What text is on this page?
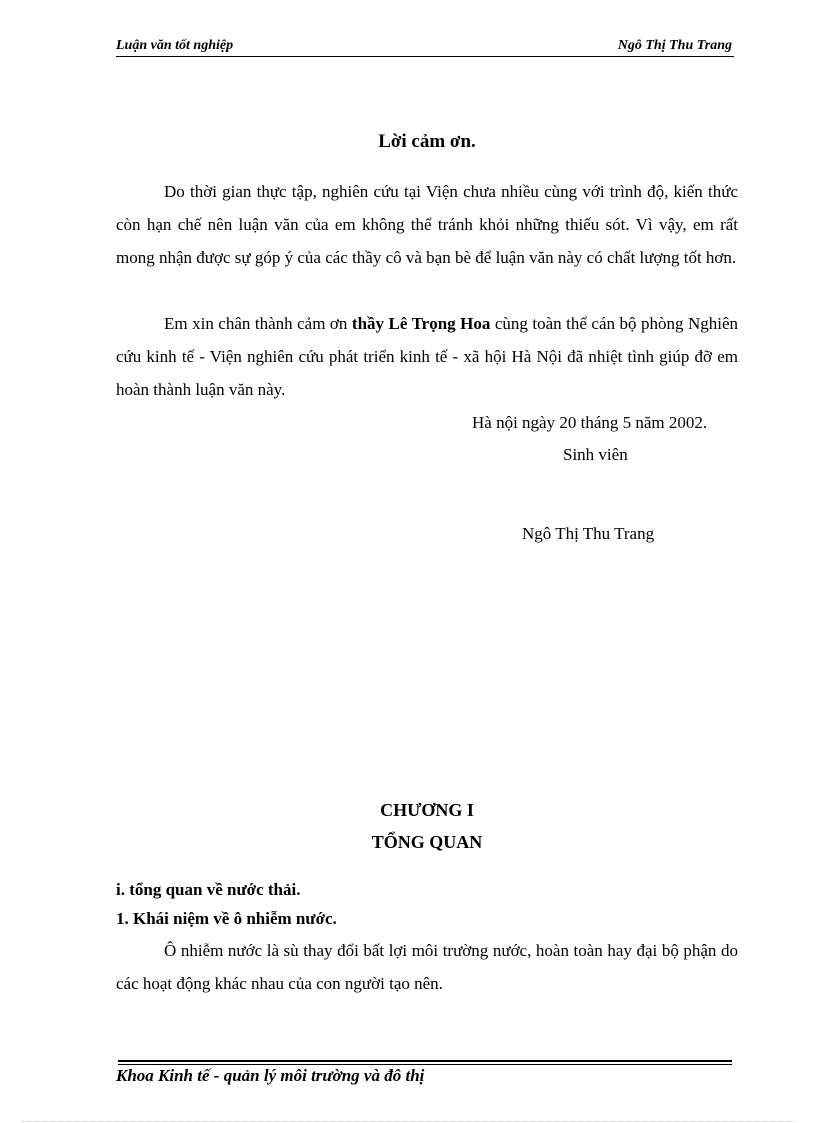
Luận văn tốt nghiệp	Ngô Thị Thu Trang
Lời cảm ơn.

Do thời gian thực tập, nghiên cứu tại Viện chưa nhiều cùng với trình độ, kiến thức còn hạn chế nên luận văn của em không thể tránh khỏi những thiếu sót. Vì vậy, em rất mong nhận được sự góp ý của các thầy cô và bạn bè để luận văn này có chất lượng tốt hơn.

Em xin chân thành cảm ơn thầy Lê Trọng Hoa cùng toàn thể cán bộ phòng Nghiên cứu kinh tế - Viện nghiên cứu phát triển kinh tế - xã hội Hà Nội đã nhiệt tình giúp đỡ em hoàn thành luận văn này.

Hà nội ngày 20 tháng 5 năm 2002.
Sinh viên
Ngô Thị Thu Trang
CHƯƠNG I
TỔNG QUAN
i. tổng quan về nước thải.
1. Khái niệm về ô nhiễm nước.

Ô nhiễm nước là sù thay đổi bất lợi môi trường nước, hoàn toàn hay đại bộ phận do các hoạt động khác nhau của con người tạo nên.

Khoa Kinh tế - quản lý môi trường và đô thị
